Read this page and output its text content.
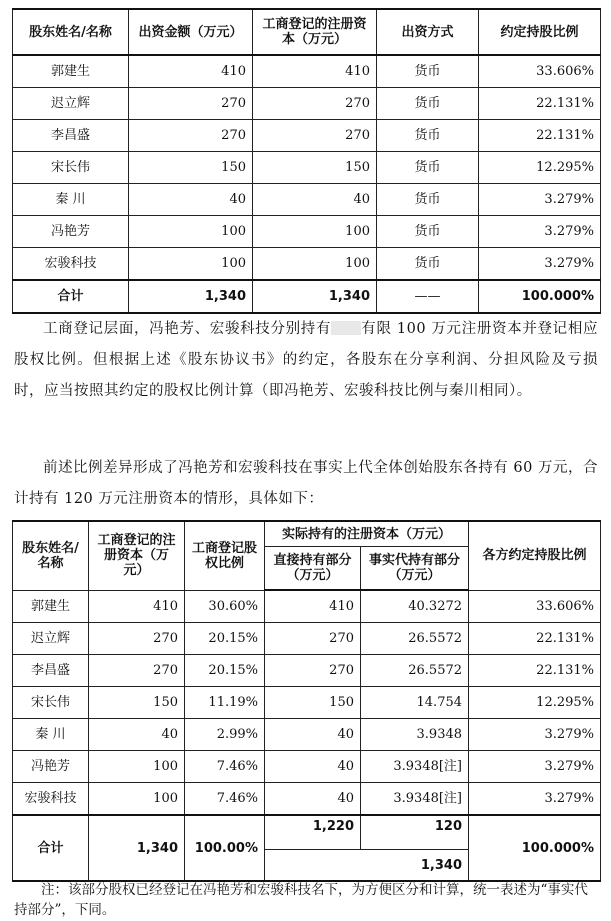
股东姓名/名称	出资金额（万元）	工商登记的注册资本（万元）	出资方式	约定持股比例
郭建生	410	410	货币	33.606%
迟立辉	270	270	货币	22.131%
李昌盛	270	270	货币	22.131%
宋长伟	150	150	货币	12.295%
秦 川	40	40	货币	3.279%
冯艳芳	100	100	货币	3.279%
宏骏科技	100	100	货币	3.279%
合计	1,340	1,340	——	100.000%

工商登记层面，冯艳芳、宏骏科技分别持有 有限 100 万元注册资本并登记相应股权比例。但根据上述《股东协议书》的约定，各股东在分享利润、分担风险及亏损时，应当按照其约定的股权比例计算（即冯艳芳、宏骏科技比例与秦川相同）。

前述比例差异形成了冯艳芳和宏骏科技在事实上代全体创始股东各持有 60 万元，合计持有 120 万元注册资本的情形，具体如下：

股东姓名/名称	工商登记的注册资本（万元）	工商登记股权比例	实际持有的注册资本（万元）		各方约定持股比例
			直接持有部分（万元）	事实代持有部分（万元）	
郭建生	410	30.60%	410	40.3272	33.606%
迟立辉	270	20.15%	270	26.5572	22.131%
李昌盛	270	20.15%	270	26.5572	22.131%
宋长伟	150	11.19%	150	14.754	12.295%
秦 川	40	2.99%	40	3.9348	3.279%
冯艳芳	100	7.46%	40	3.9348[注]	3.279%
宏骏科技	100	7.46%	40	3.9348[注]	3.279%
合计	1,340	100.00%	1,220	120	100.000%
			1,340		

注：该部分股权已经登记在冯艳芳和宏骏科技名下，为方便区分和计算，统一表述为“事实代持部分”，下同。
